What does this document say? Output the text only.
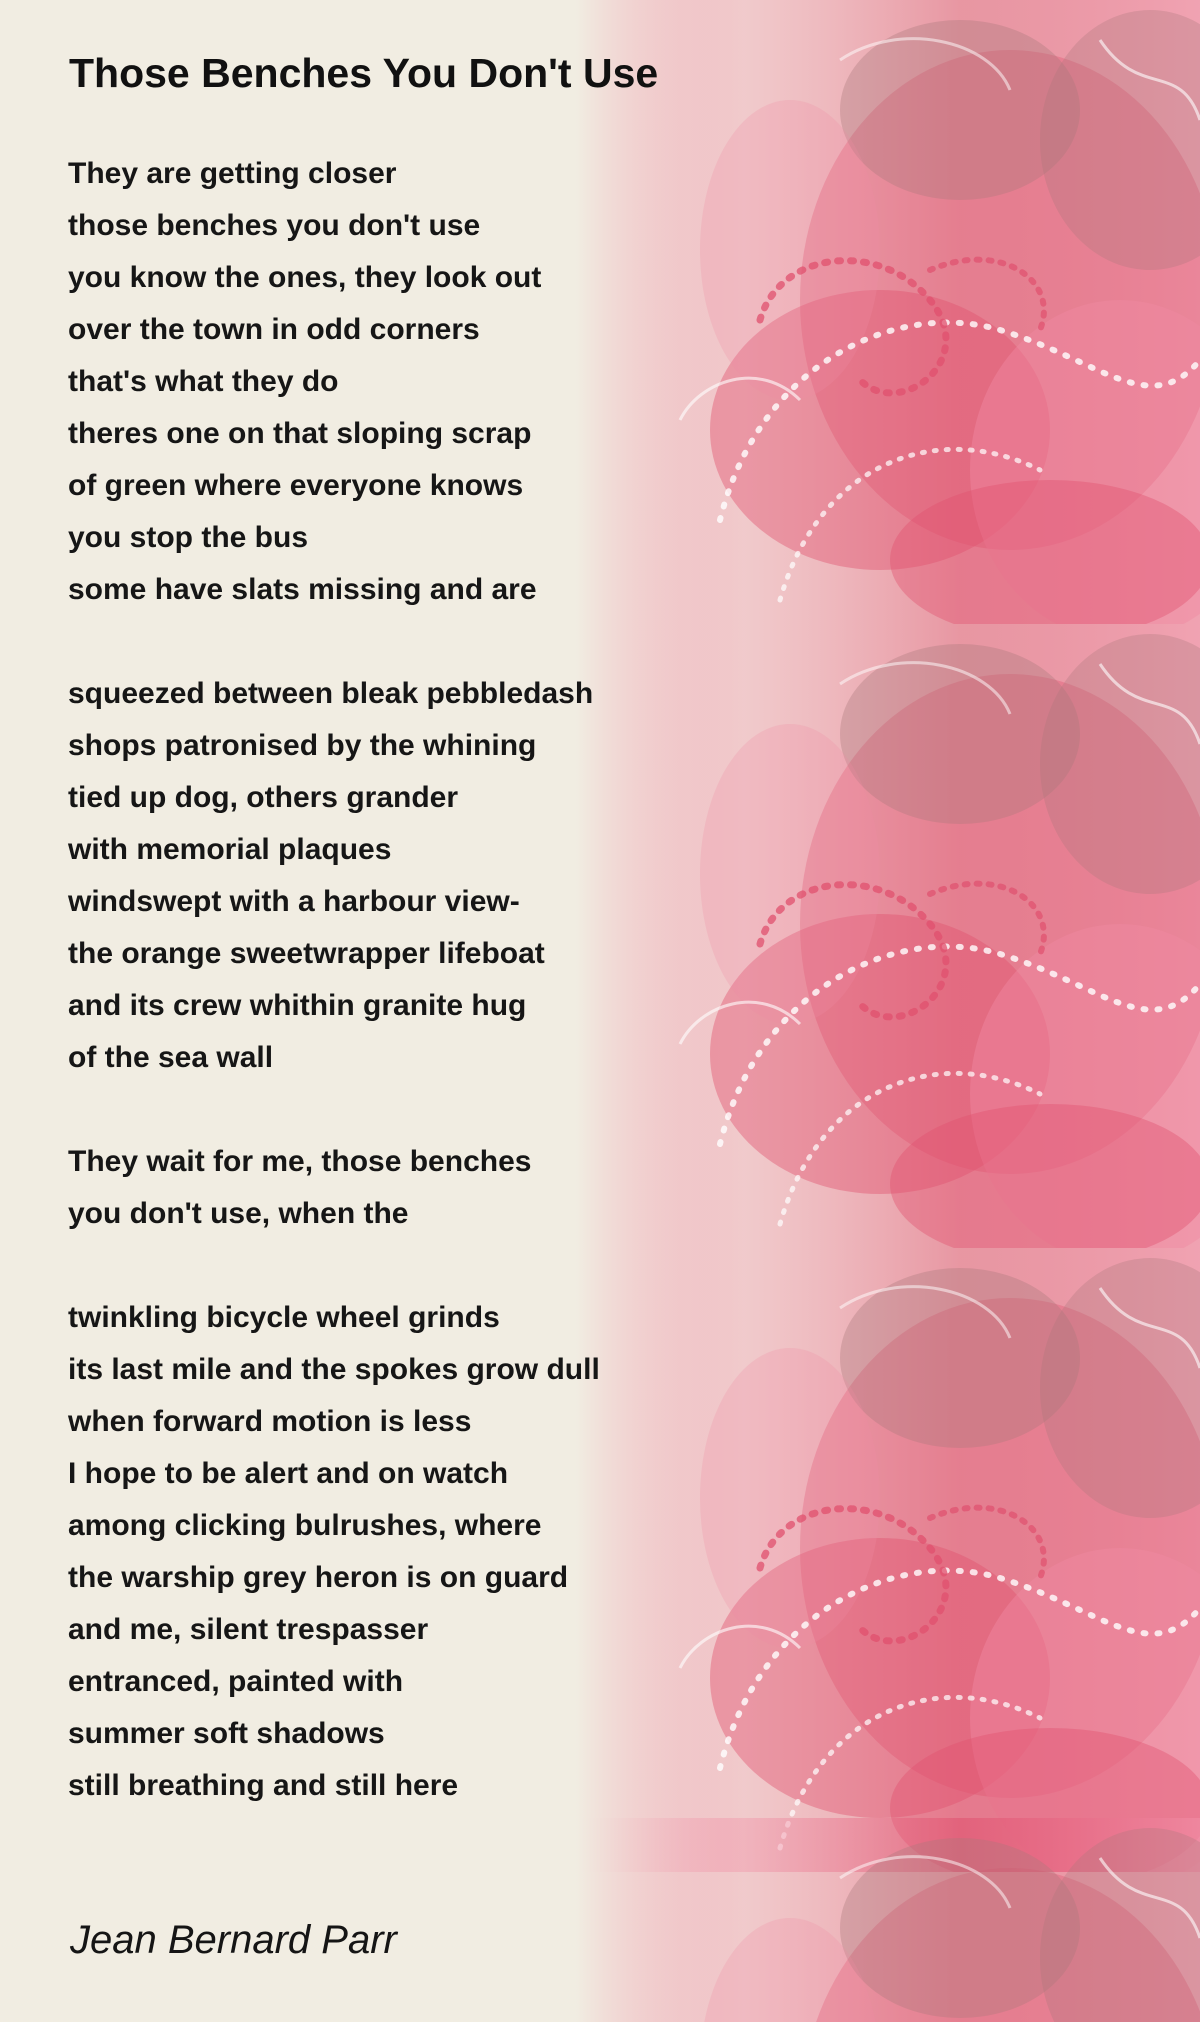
Those Benches You Don't Use
They are getting closer
those benches you don't use
you know the ones, they look out
over the town in odd corners
that's what they do
theres one on that sloping scrap
of green where everyone knows
you stop the bus
some have slats missing and are
squeezed between bleak pebbledash
shops patronised by the whining
tied up dog, others grander
with memorial plaques
windswept with a harbour view-
the orange sweetwrapper lifeboat
and its crew whithin granite hug
of the sea wall
They wait for me, those benches
you don't use, when the
twinkling bicycle wheel grinds
its last mile and the spokes grow dull
when forward motion is less
I hope to be alert and on watch
among clicking bulrushes, where
the warship grey heron is on guard
and me, silent trespasser
entranced, painted with
summer soft shadows
still breathing and still here
Jean Bernard Parr
